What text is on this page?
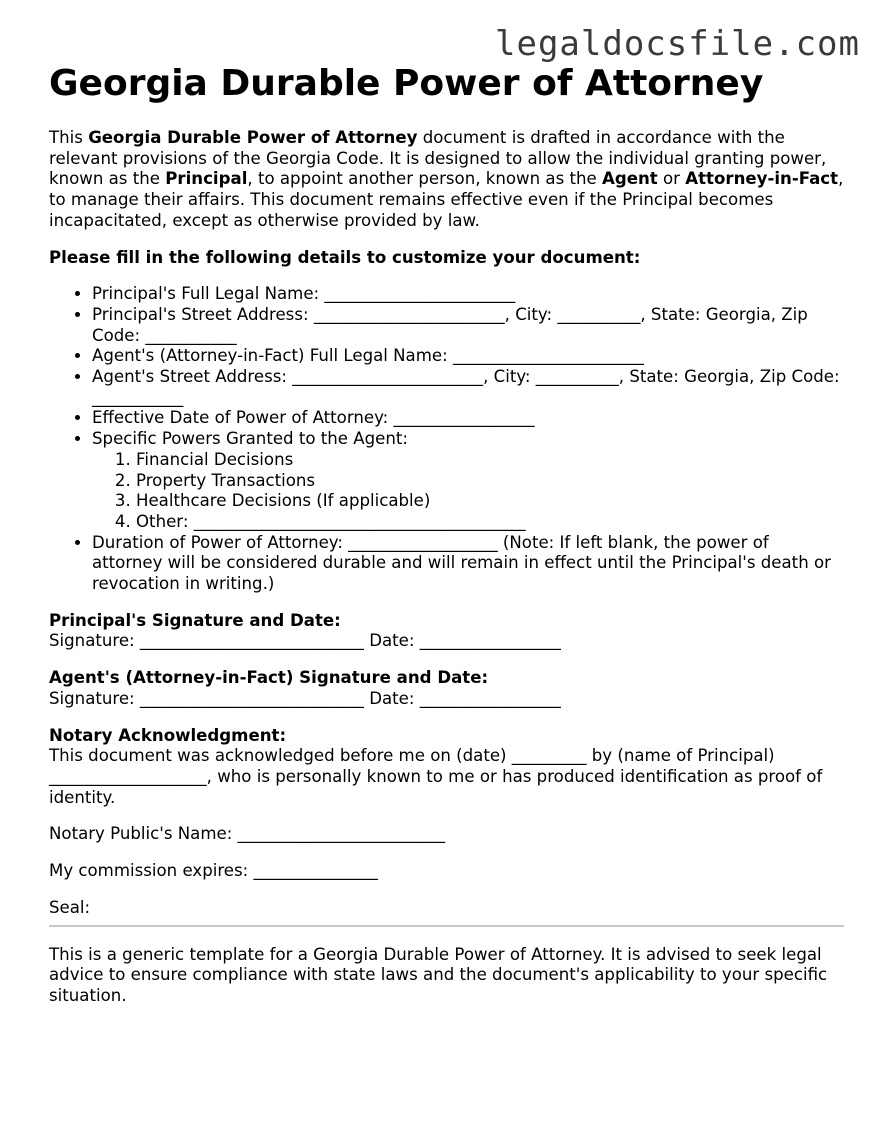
legaldocsfile.com
Georgia Durable Power of Attorney

This Georgia Durable Power of Attorney document is drafted in accordance with the relevant provisions of the Georgia Code. It is designed to allow the individual granting power, known as the Principal, to appoint another person, known as the Agent or Attorney-in-Fact, to manage their affairs. This document remains effective even if the Principal becomes incapacitated, except as otherwise provided by law.

Please fill in the following details to customize your document:

• Principal's Full Legal Name: _______________________
• Principal's Street Address: _______________________, City: __________, State: Georgia, Zip Code: ___________
• Agent's (Attorney-in-Fact) Full Legal Name: _______________________
• Agent's Street Address: _______________________, City: __________, State: Georgia, Zip Code: ___________
• Effective Date of Power of Attorney: _________________
• Specific Powers Granted to the Agent:
1. Financial Decisions
2. Property Transactions
3. Healthcare Decisions (If applicable)
4. Other: ________________________________________
• Duration of Power of Attorney: __________________ (Note: If left blank, the power of attorney will be considered durable and will remain in effect until the Principal's death or revocation in writing.)
Principal's Signature and Date:
Signature: ___________________________ Date: _________________
Agent's (Attorney-in-Fact) Signature and Date:
Signature: ___________________________ Date: _________________
Notary Acknowledgment:

This document was acknowledged before me on (date) _________ by (name of Principal) ___________________, who is personally known to me or has produced identification as proof of identity.

Notary Public's Name: _________________________

My commission expires: _______________

Seal:

This is a generic template for a Georgia Durable Power of Attorney. It is advised to seek legal advice to ensure compliance with state laws and the document's applicability to your specific situation.
